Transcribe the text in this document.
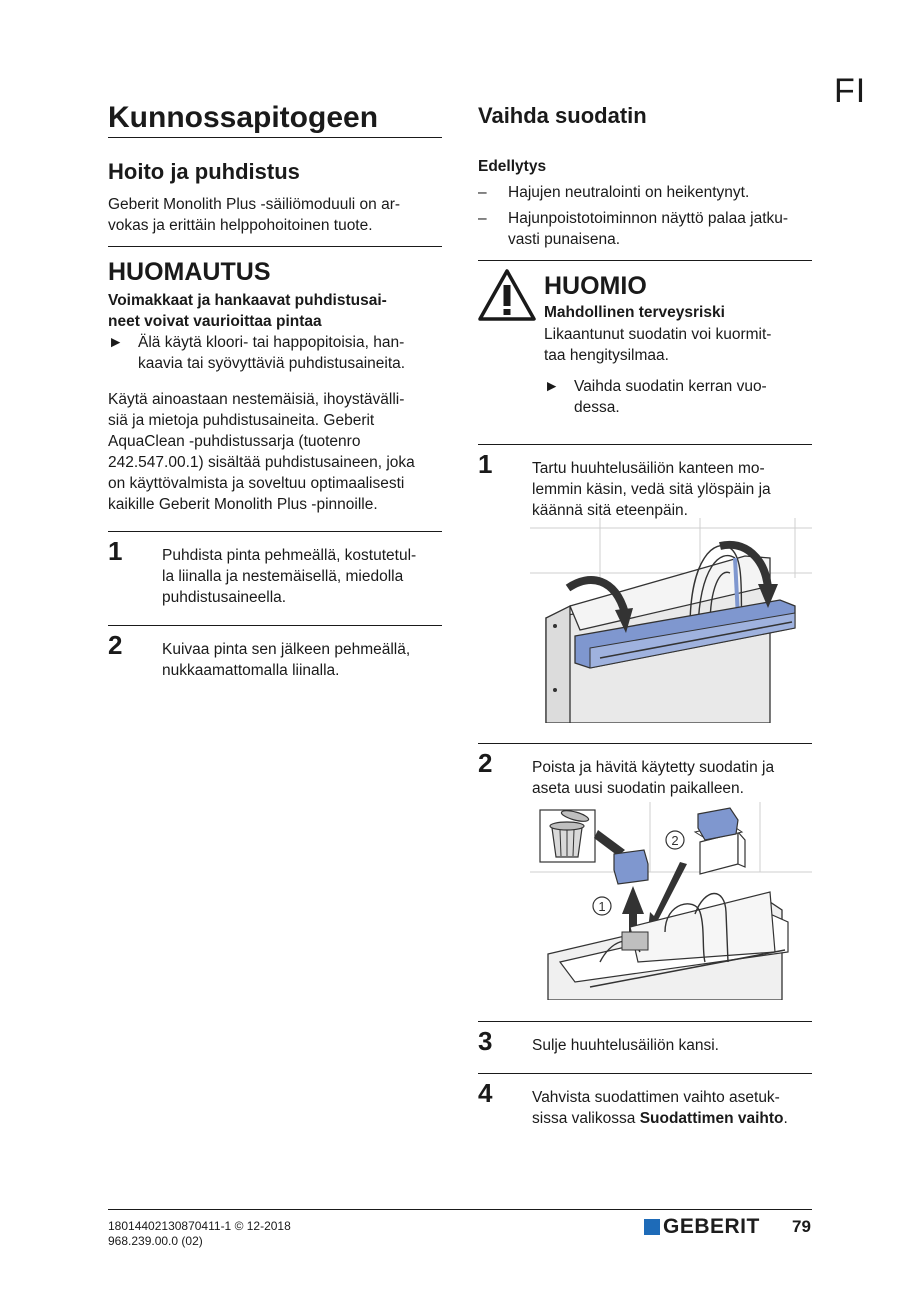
FI
Kunnossapitogeen
Hoito ja puhdistus
Geberit Monolith Plus -säiliömoduuli on ar-
vokas ja erittäin helppohoitoinen tuote.
HUOMAUTUS
Voimakkaat ja hankaavat puhdistusai-
neet voivat vaurioittaa pintaa
► Älä käytä kloori- tai happopitoisia, han-
kaavia tai syövyttäviä puhdistusaineita.
Käytä ainoastaan nestemäisiä, ihoystävälli-
siä ja mietoja puhdistusaineita. Geberit
AquaClean -puhdistussarja (tuotenro
242.547.00.1) sisältää puhdistusaineen, joka
on käyttövalmista ja soveltuu optimaalisesti
kaikille Geberit Monolith Plus -pinnoille.
1	Puhdista pinta pehmeällä, kostutetul-
la liinalla ja nestemäisellä, miedolla
puhdistusaineella.
2	Kuivaa pinta sen jälkeen pehmeällä,
nukkaamattomalla liinalla.
Vaihda suodatin
Edellytys
– Hajujen neutralointi on heikentynyt.
– Hajunpoistotoiminnon näyttö palaa jatku-
vasti punaisena.
HUOMIO
Mahdollinen terveysriski
Likaantunut suodatin voi kuormit-
taa hengitysilmaa.
► Vaihda suodatin kerran vuo-
dessa.
1	Tartu huuhtelusäiliön kanteen mo-
lemmin käsin, vedä sitä ylöspäin ja
käännä sitä eteenpäin.
2	Poista ja hävitä käytetty suodatin ja
aseta uusi suodatin paikalleen.
2
1
3	Sulje huuhtelusäiliön kansi.
4	Vahvista suodattimen vaihto asetuk-
sissa valikossa Suodattimen vaihto.
18014402130870411-1 © 12-2018
968.239.00.0 (02)
GEBERIT 79
